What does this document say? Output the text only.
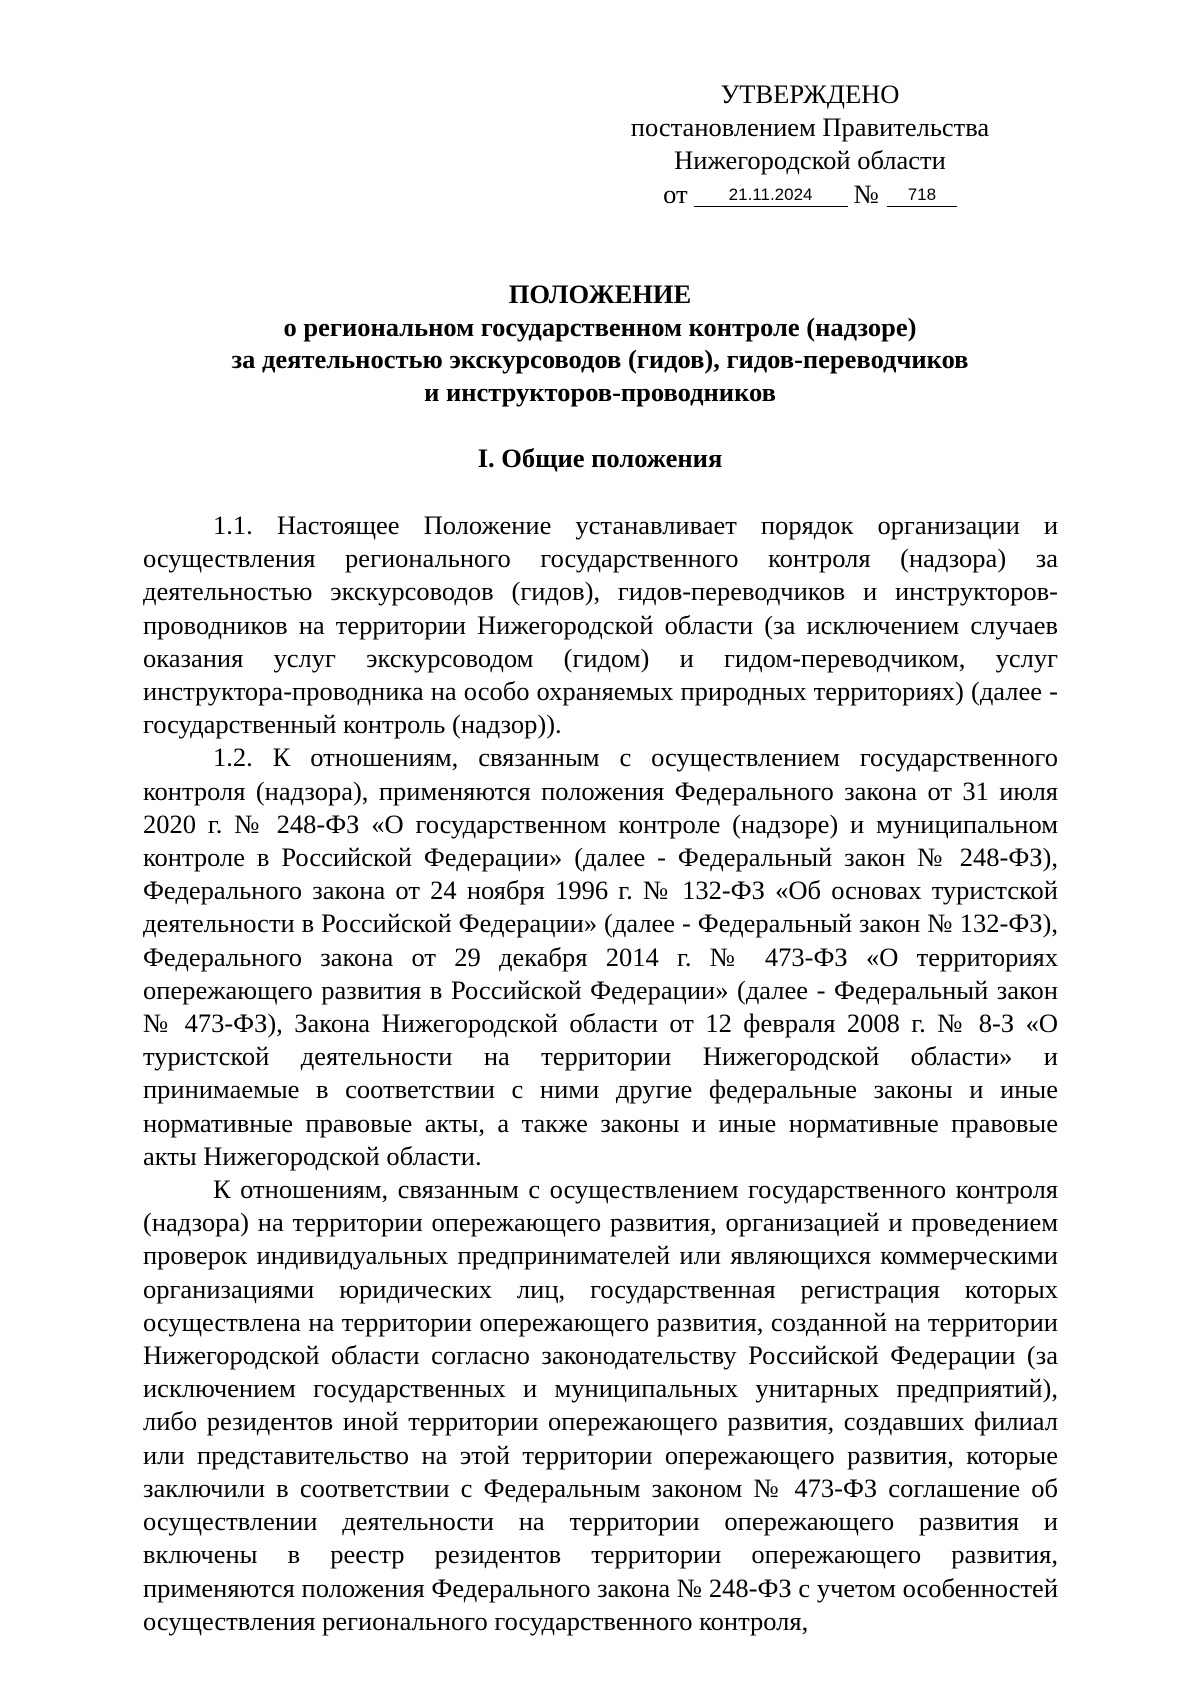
УТВЕРЖДЕНО
постановлением Правительства
Нижегородской области
от 21.11.2024 № 718
ПОЛОЖЕНИЕ
о региональном государственном контроле (надзоре)
за деятельностью экскурсоводов (гидов), гидов-переводчиков
и инструкторов-проводников
I. Общие положения

1.1. Настоящее Положение устанавливает порядок организации и осуществления регионального государственного контроля (надзора) за деятельностью экскурсоводов (гидов), гидов-переводчиков и инструкторов-проводников на территории Нижегородской области (за исключением случаев оказания услуг экскурсоводом (гидом) и гидом-переводчиком, услуг инструктора-проводника на особо охраняемых природных территориях) (далее - государственный контроль (надзор)).

1.2. К отношениям, связанным с осуществлением государственного контроля (надзора), применяются положения Федерального закона от 31 июля 2020 г. № 248-ФЗ «О государственном контроле (надзоре) и муниципальном контроле в Российской Федерации» (далее - Федеральный закон № 248-ФЗ), Федерального закона от 24 ноября 1996 г. № 132-ФЗ «Об основах туристской деятельности в Российской Федерации» (далее - Федеральный закон № 132-ФЗ), Федерального закона от 29 декабря 2014 г. № 473-ФЗ «О территориях опережающего развития в Российской Федерации» (далее - Федеральный закон № 473-ФЗ), Закона Нижегородской области от 12 февраля 2008 г. № 8-З «О туристской деятельности на территории Нижегородской области» и принимаемые в соответствии с ними другие федеральные законы и иные нормативные правовые акты, а также законы и иные нормативные правовые акты Нижегородской области.

К отношениям, связанным с осуществлением государственного контроля (надзора) на территории опережающего развития, организацией и проведением проверок индивидуальных предпринимателей или являющихся коммерческими организациями юридических лиц, государственная регистрация которых осуществлена на территории опережающего развития, созданной на территории Нижегородской области согласно законодательству Российской Федерации (за исключением государственных и муниципальных унитарных предприятий), либо резидентов иной территории опережающего развития, создавших филиал или представительство на этой территории опережающего развития, которые заключили в соответствии с Федеральным законом № 473-ФЗ соглашение об осуществлении деятельности на территории опережающего развития и включены в реестр резидентов территории опережающего развития, применяются положения Федерального закона № 248-ФЗ с учетом особенностей осуществления регионального государственного контроля,
